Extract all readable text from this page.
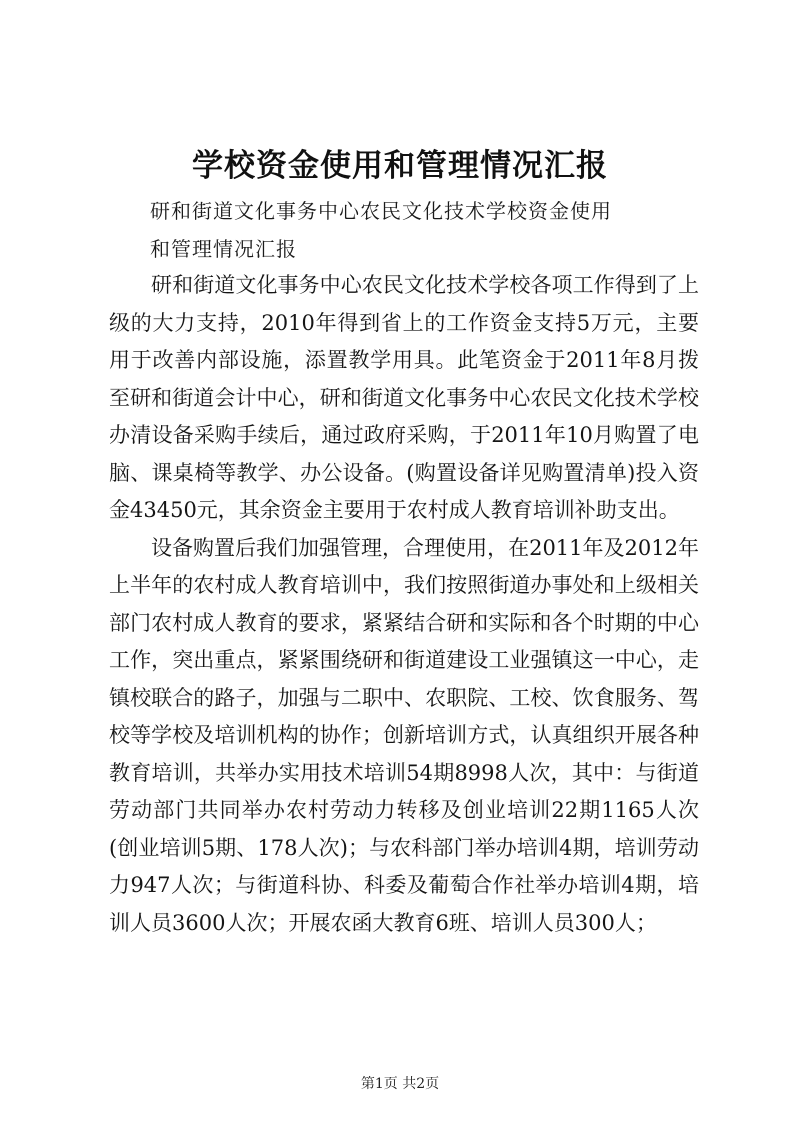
学校资金使用和管理情况汇报
研和街道文化事务中心农民文化技术学校资金使用
和管理情况汇报

研和街道文化事务中心农民文化技术学校各项工作得到了上级的大力支持，2010年得到省上的工作资金支持5万元，主要用于改善内部设施，添置教学用具。此笔资金于2011年8月拨至研和街道会计中心，研和街道文化事务中心农民文化技术学校办清设备采购手续后，通过政府采购，于2011年10月购置了电脑、课桌椅等教学、办公设备。(购置设备详见购置清单)投入资金43450元，其余资金主要用于农村成人教育培训补助支出。

设备购置后我们加强管理，合理使用，在2011年及2012年上半年的农村成人教育培训中，我们按照街道办事处和上级相关部门农村成人教育的要求，紧紧结合研和实际和各个时期的中心工作，突出重点，紧紧围绕研和街道建设工业强镇这一中心，走镇校联合的路子，加强与二职中、农职院、工校、饮食服务、驾校等学校及培训机构的协作；创新培训方式，认真组织开展各种教育培训，共举办实用技术培训54期8998人次，其中：与街道劳动部门共同举办农村劳动力转移及创业培训22期1165人次(创业培训5期、178人次)；与农科部门举办培训4期，培训劳动力947人次；与街道科协、科委及葡萄合作社举办培训4期，培训人员3600人次；开展农函大教育6班、培训人员300人；

第1页 共2页
